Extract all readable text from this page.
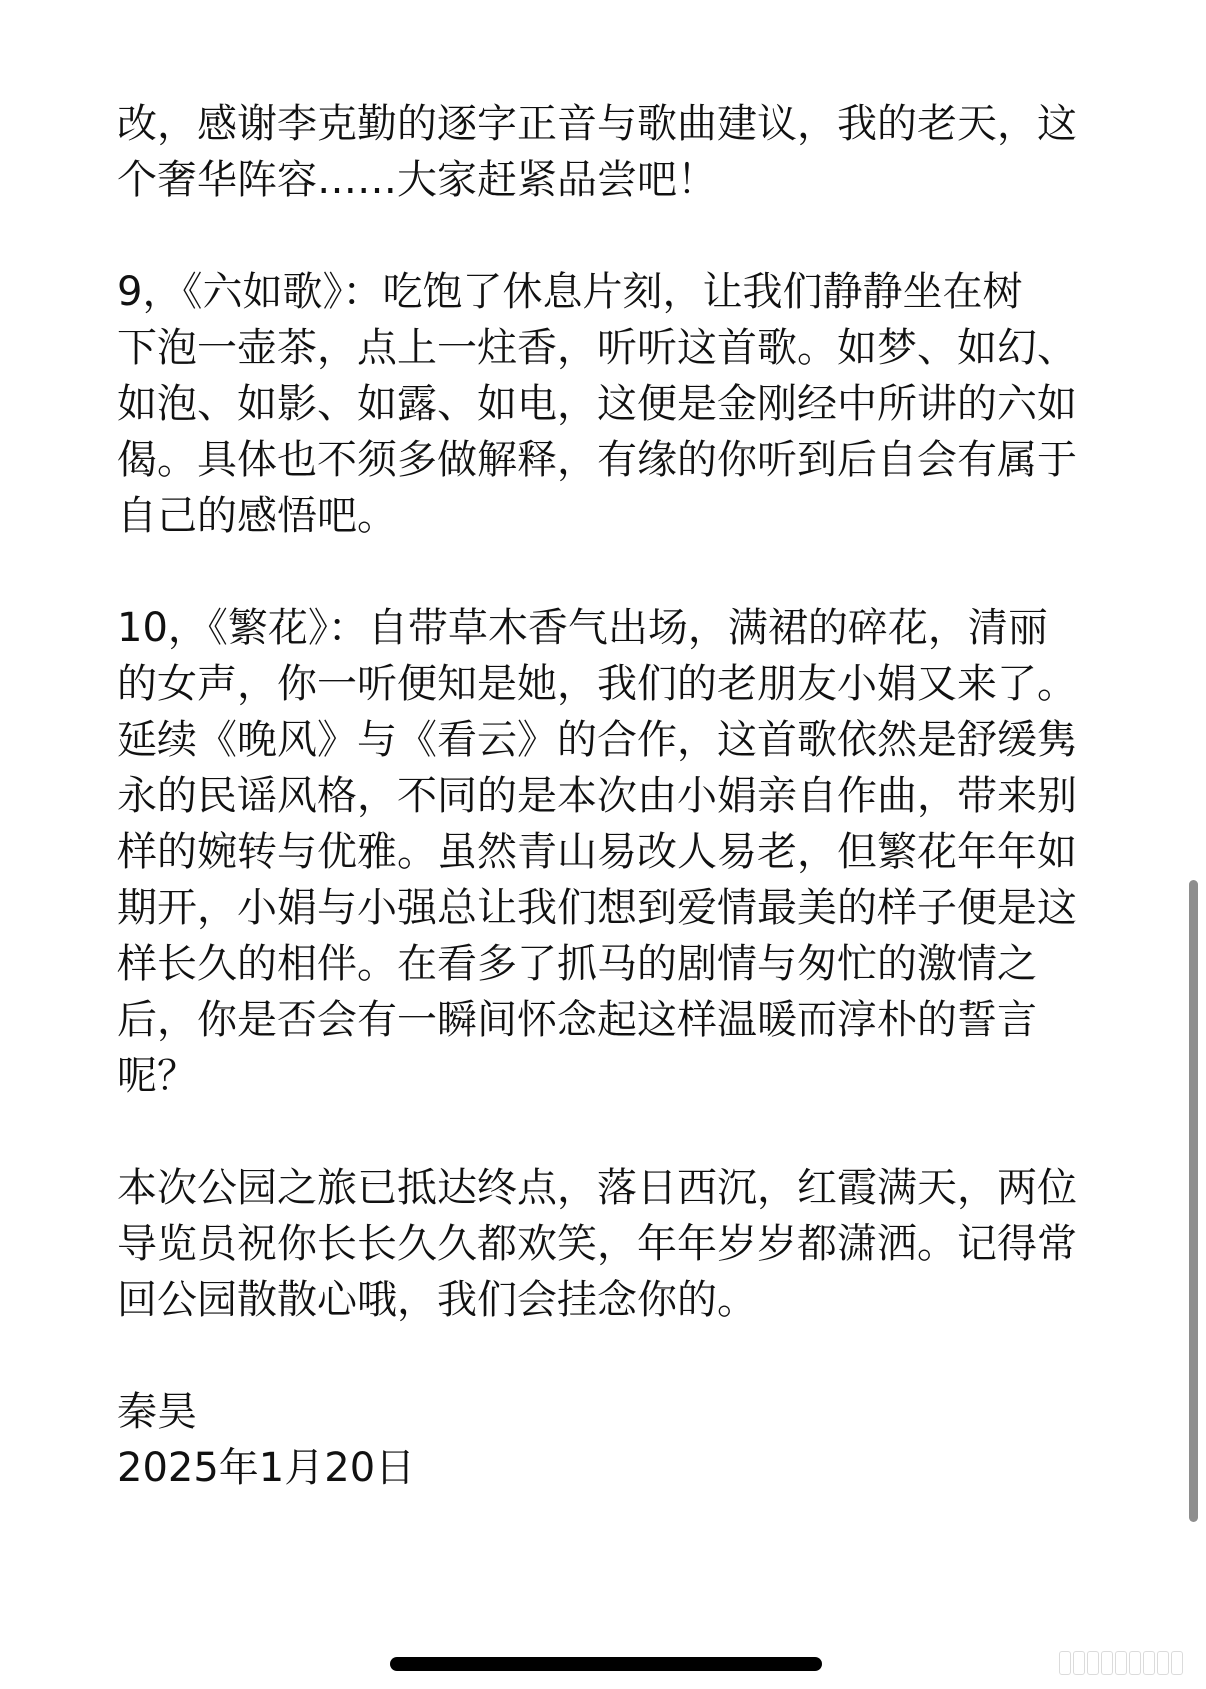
改，感谢李克勤的逐字正音与歌曲建议，我的老天，这
个奢华阵容……大家赶紧品尝吧！

9，《六如歌》：吃饱了休息片刻，让我们静静坐在树
下泡一壶茶，点上一炷香，听听这首歌。如梦、如幻、
如泡、如影、如露、如电，这便是金刚经中所讲的六如
偈。具体也不须多做解释，有缘的你听到后自会有属于
自己的感悟吧。

10，《繁花》：自带草木香气出场，满裙的碎花，清丽
的女声，你一听便知是她，我们的老朋友小娟又来了。
延续《晚风》与《看云》的合作，这首歌依然是舒缓隽
永的民谣风格，不同的是本次由小娟亲自作曲，带来别
样的婉转与优雅。虽然青山易改人易老，但繁花年年如
期开，小娟与小强总让我们想到爱情最美的样子便是这
样长久的相伴。在看多了抓马的剧情与匆忙的激情之
后，你是否会有一瞬间怀念起这样温暖而淳朴的誓言
呢？

本次公园之旅已抵达终点，落日西沉，红霞满天，两位
导览员祝你长长久久都欢笑，年年岁岁都潇洒。记得常
回公园散散心哦，我们会挂念你的。

秦昊

2025年1月20日
